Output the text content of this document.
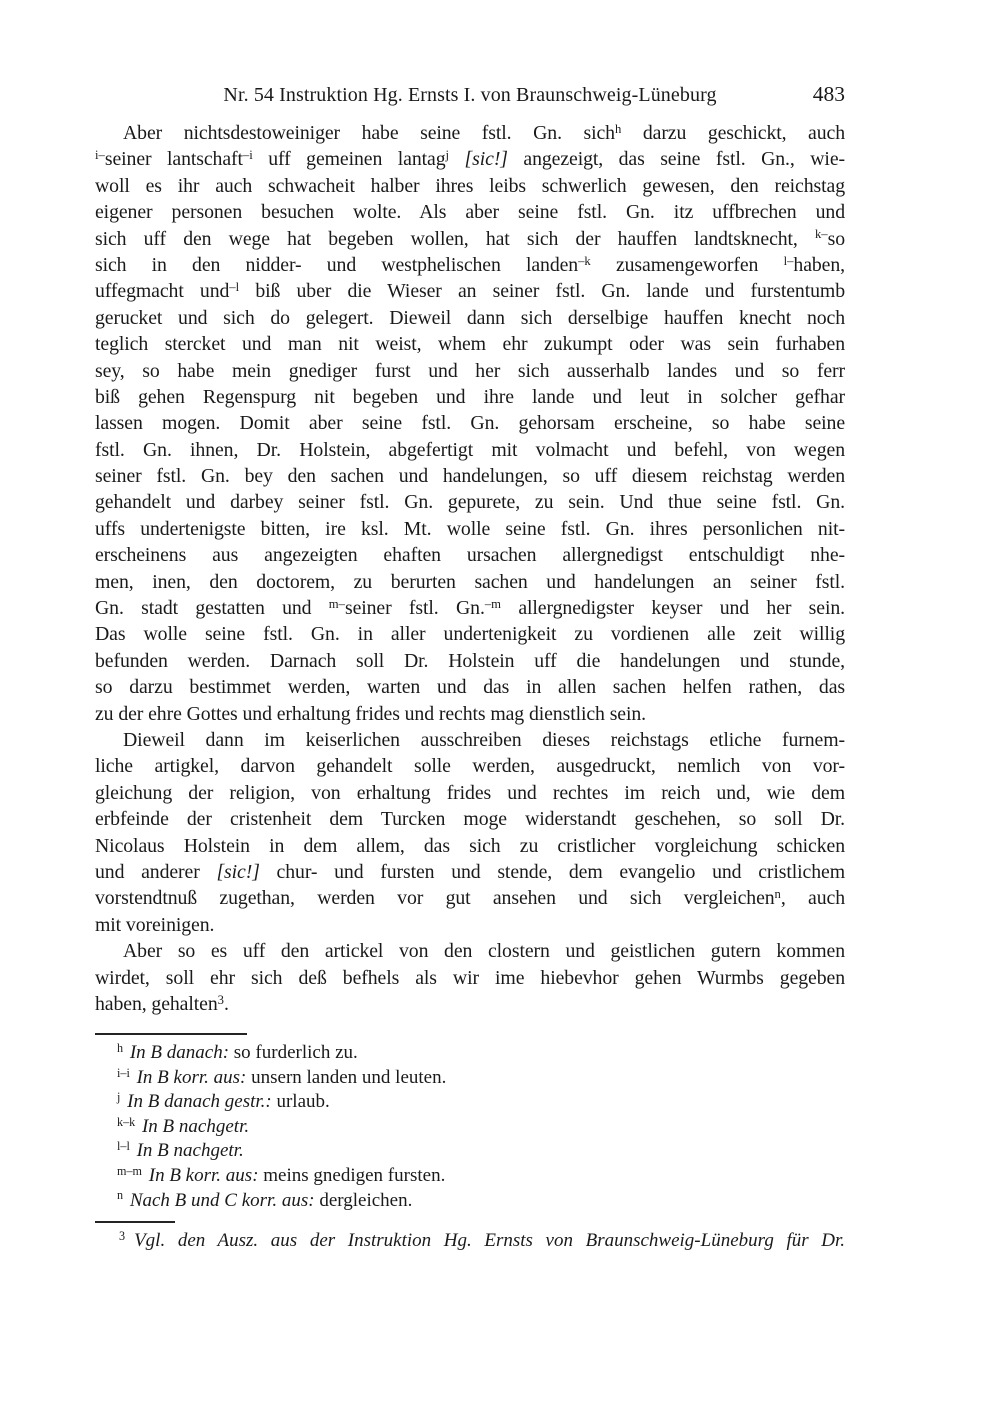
Nr. 54 Instruktion Hg. Ernsts I. von Braunschweig-Lüneburg	483
Aber nichtsdestoweiniger habe seine fstl. Gn. sich$^h$ darzu geschickt, auch
$^{i-}$seiner lantschaft$^{-i}$ uff gemeinen lantag$^j$ [sic!] angezeigt, das seine fstl. Gn., wie-
woll es ihr auch schwacheit halber ihres leibs schwerlich gewesen, den reichstag
eigener personen besuchen wolte. Als aber seine fstl. Gn. itz uffbrechen und
sich uff den wege hat begeben wollen, hat sich der hauffen landtsknecht, $^{k-}$so
sich in den nidder- und westphelischen landen$^{-k}$ zusamengeworfen $^{l-}$haben,
uffegmacht und$^{-l}$ biß uber die Wieser an seiner fstl. Gn. lande und furstentumb
gerucket und sich do gelegert. Dieweil dann sich derselbige hauffen knecht noch
teglich stercket und man nit weist, whem ehr zukumpt oder was sein furhaben
sey, so habe mein gnediger furst und her sich ausserhalb landes und so ferr
biß gehen Regenspurg nit begeben und ihre lande und leut in solcher gefhar
lassen mogen. Domit aber seine fstl. Gn. gehorsam erscheine, so habe seine
fstl. Gn. ihnen, Dr. Holstein, abgefertigt mit volmacht und befehl, von wegen
seiner fstl. Gn. bey den sachen und handelungen, so uff diesem reichstag werden
gehandelt und darbey seiner fstl. Gn. gepurete, zu sein. Und thue seine fstl. Gn.
uffs undertenigste bitten, ire ksl. Mt. wolle seine fstl. Gn. ihres personlichen nit-
erscheinens aus angezeigten ehaften ursachen allergnedigst entschuldigt nhe-
men, inen, den doctorem, zu berurten sachen und handelungen an seiner fstl.
Gn. stadt gestatten und $^{m-}$seiner fstl. Gn.$^{-m}$ allergnedigster keyser und her sein.
Das wolle seine fstl. Gn. in aller undertenigkeit zu vordienen alle zeit willig
befunden werden. Darnach soll Dr. Holstein uff die handelungen und stunde,
so darzu bestimmet werden, warten und das in allen sachen helfen rathen, das
zu der ehre Gottes und erhaltung frides und rechts mag dienstlich sein.
Dieweil dann im keiserlichen ausschreiben dieses reichstags etliche furnem-
liche artigkel, darvon gehandelt solle werden, ausgedruckt, nemlich von vor-
gleichung der religion, von erhaltung frides und rechtes im reich und, wie dem
erbfeinde der cristenheit dem Turcken moge widerstandt geschehen, so soll Dr.
Nicolaus Holstein in dem allem, das sich zu cristlicher vorgleichung schicken
und anderer [sic!] chur- und fursten und stende, dem evangelio und cristlichem
vorstendtnuß zugethan, werden vor gut ansehen und sich vergleichen$^n$, auch
mit voreinigen.
Aber so es uff den artickel von den clostern und geistlichen gutern kommen
wirdet, soll ehr sich deß befhels als wir ime hiebevhor gehen Wurmbs gegeben
haben, gehalten$^3$.
$^h$ In B danach: so furderlich zu.
$^{i-i}$ In B korr. aus: unsern landen und leuten.
$^j$ In B danach gestr.: urlaub.
$^{k-k}$ In B nachgetr.
$^{l-l}$ In B nachgetr.
$^{m-m}$ In B korr. aus: meins gnedigen fursten.
$^n$ Nach B und C korr. aus: dergleichen.
$^3$ Vgl. den Ausz. aus der Instruktion Hg. Ernsts von Braunschweig-Lüneburg für Dr.
